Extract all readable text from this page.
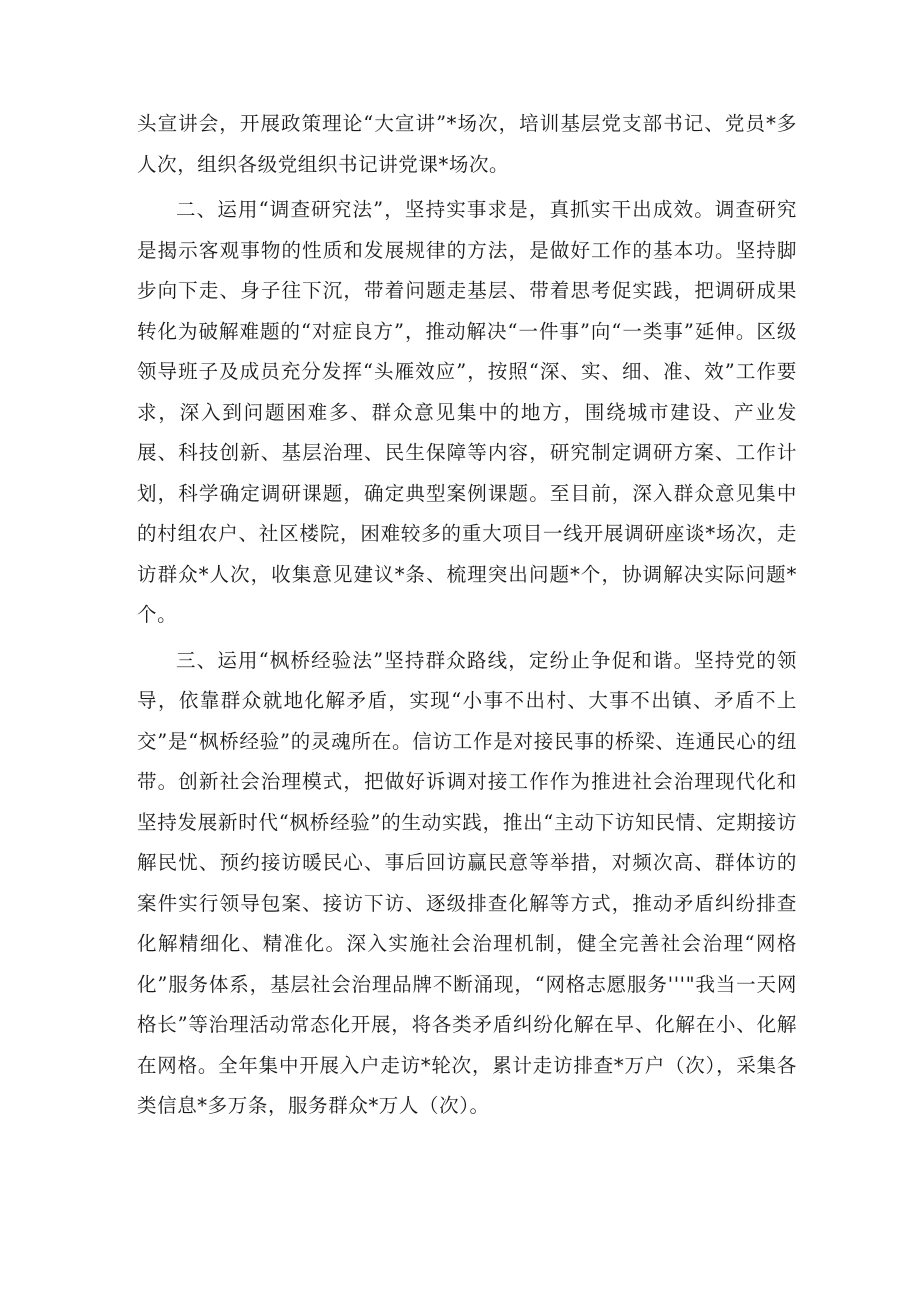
头宣讲会，开展政策理论“大宣讲”*场次，培训基层党支部书记、党员*多人次，组织各级党组织书记讲党课*场次。

二、运用“调查研究法”，坚持实事求是，真抓实干出成效。调查研究是揭示客观事物的性质和发展规律的方法，是做好工作的基本功。坚持脚步向下走、身子往下沉，带着问题走基层、带着思考促实践，把调研成果转化为破解难题的“对症良方”，推动解决“一件事”向“一类事”延伸。区级领导班子及成员充分发挥“头雁效应”，按照“深、实、细、准、效”工作要求，深入到问题困难多、群众意见集中的地方，围绕城市建设、产业发展、科技创新、基层治理、民生保障等内容，研究制定调研方案、工作计划，科学确定调研课题，确定典型案例课题。至目前，深入群众意见集中的村组农户、社区楼院，困难较多的重大项目一线开展调研座谈*场次，走访群众*人次，收集意见建议*条、梳理突出问题*个，协调解决实际问题*个。

三、运用“枫桥经验法”坚持群众路线，定纷止争促和谐。坚持党的领导，依靠群众就地化解矛盾，实现“小事不出村、大事不出镇、矛盾不上交”是“枫桥经验”的灵魂所在。信访工作是对接民事的桥梁、连通民心的纽带。创新社会治理模式，把做好诉调对接工作作为推进社会治理现代化和坚持发展新时代“枫桥经验”的生动实践，推出“主动下访知民情、定期接访解民忧、预约接访暖民心、事后回访赢民意等举措，对频次高、群体访的案件实行领导包案、接访下访、逐级排查化解等方式，推动矛盾纠纷排查化解精细化、精准化。深入实施社会治理机制，健全完善社会治理“网格化”服务体系，基层社会治理品牌不断涌现，“网格志愿服务'''"我当一天网格长”等治理活动常态化开展，将各类矛盾纠纷化解在早、化解在小、化解在网格。全年集中开展入户走访*轮次，累计走访排查*万户（次），采集各类信息*多万条，服务群众*万人（次）。
